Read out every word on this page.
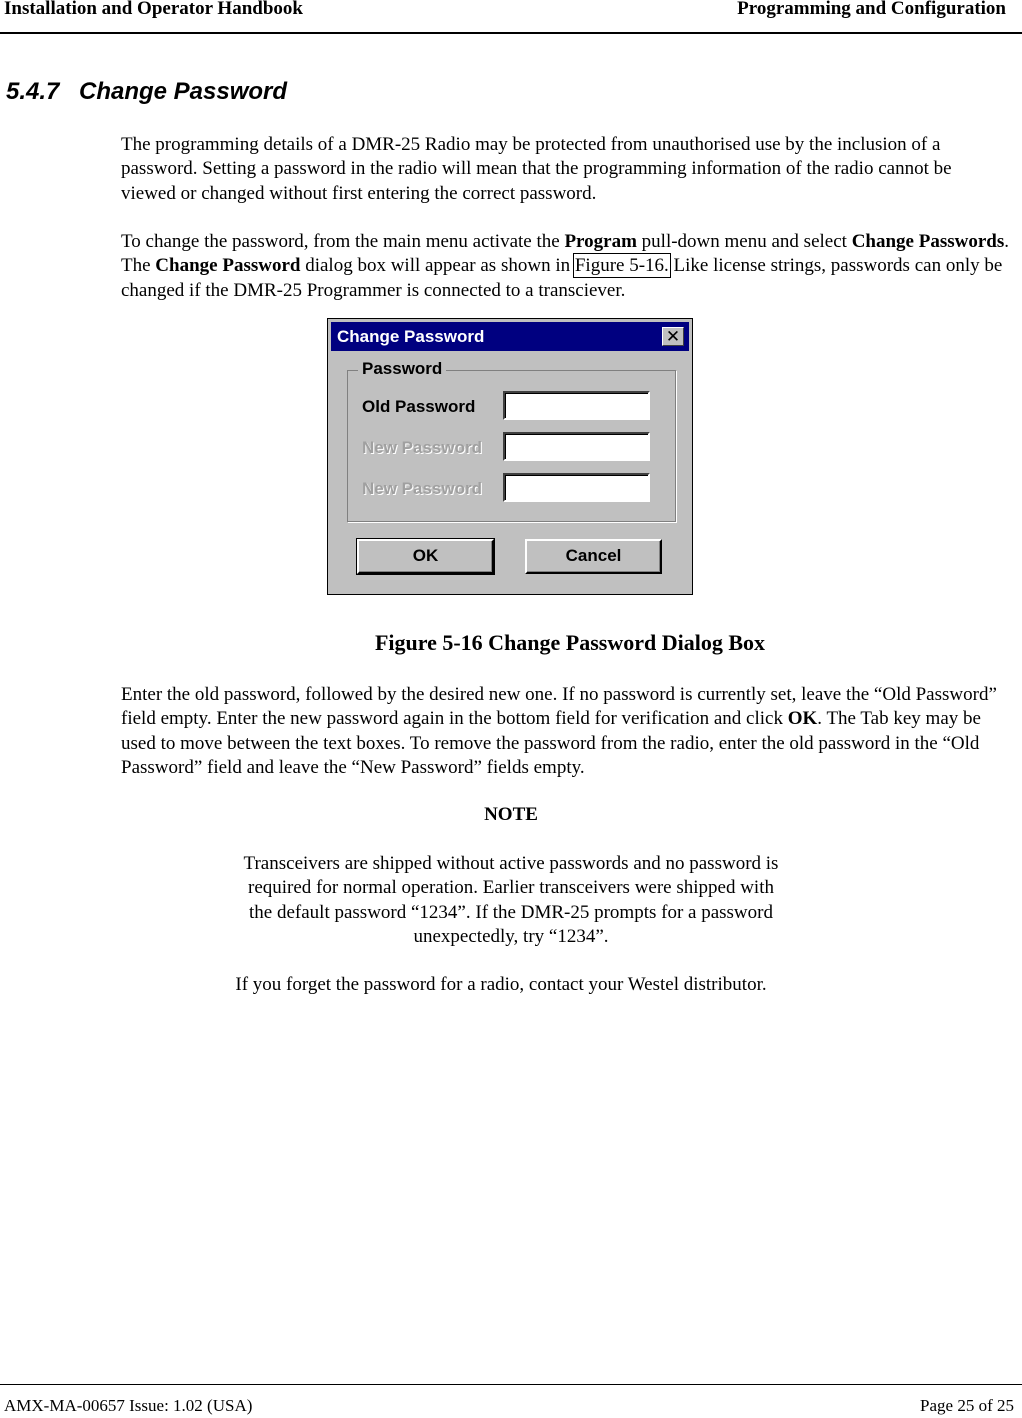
Installation and Operator Handbook	Programming and Configuration
5.4.7 Change Password
The programming details of a DMR-25 Radio may be protected from unauthorised use by the inclusion of a password. Setting a password in the radio will mean that the programming information of the radio cannot be viewed or changed without first entering the correct password.
To change the password, from the main menu activate the Program pull-down menu and select Change Passwords. The Change Password dialog box will appear as shown in Figure 5-16. Like license strings, passwords can only be changed if the DMR-25 Programmer is connected to a transciever.
Change Password	✕
Password
Old Password
New Password
New Password
OK	Cancel
Figure 5-16 Change Password Dialog Box
Enter the old password, followed by the desired new one. If no password is currently set, leave the “Old Password” field empty. Enter the new password again in the bottom field for verification and click OK. The Tab key may be used to move between the text boxes. To remove the password from the radio, enter the old password in the “Old Password” field and leave the “New Password” fields empty.
NOTE
Transceivers are shipped without active passwords and no password is
required for normal operation. Earlier transceivers were shipped with
the default password “1234”. If the DMR-25 prompts for a password
unexpectedly, try “1234”.
If you forget the password for a radio, contact your Westel distributor.
AMX-MA-00657 Issue: 1.02 (USA)	Page 25 of 25
